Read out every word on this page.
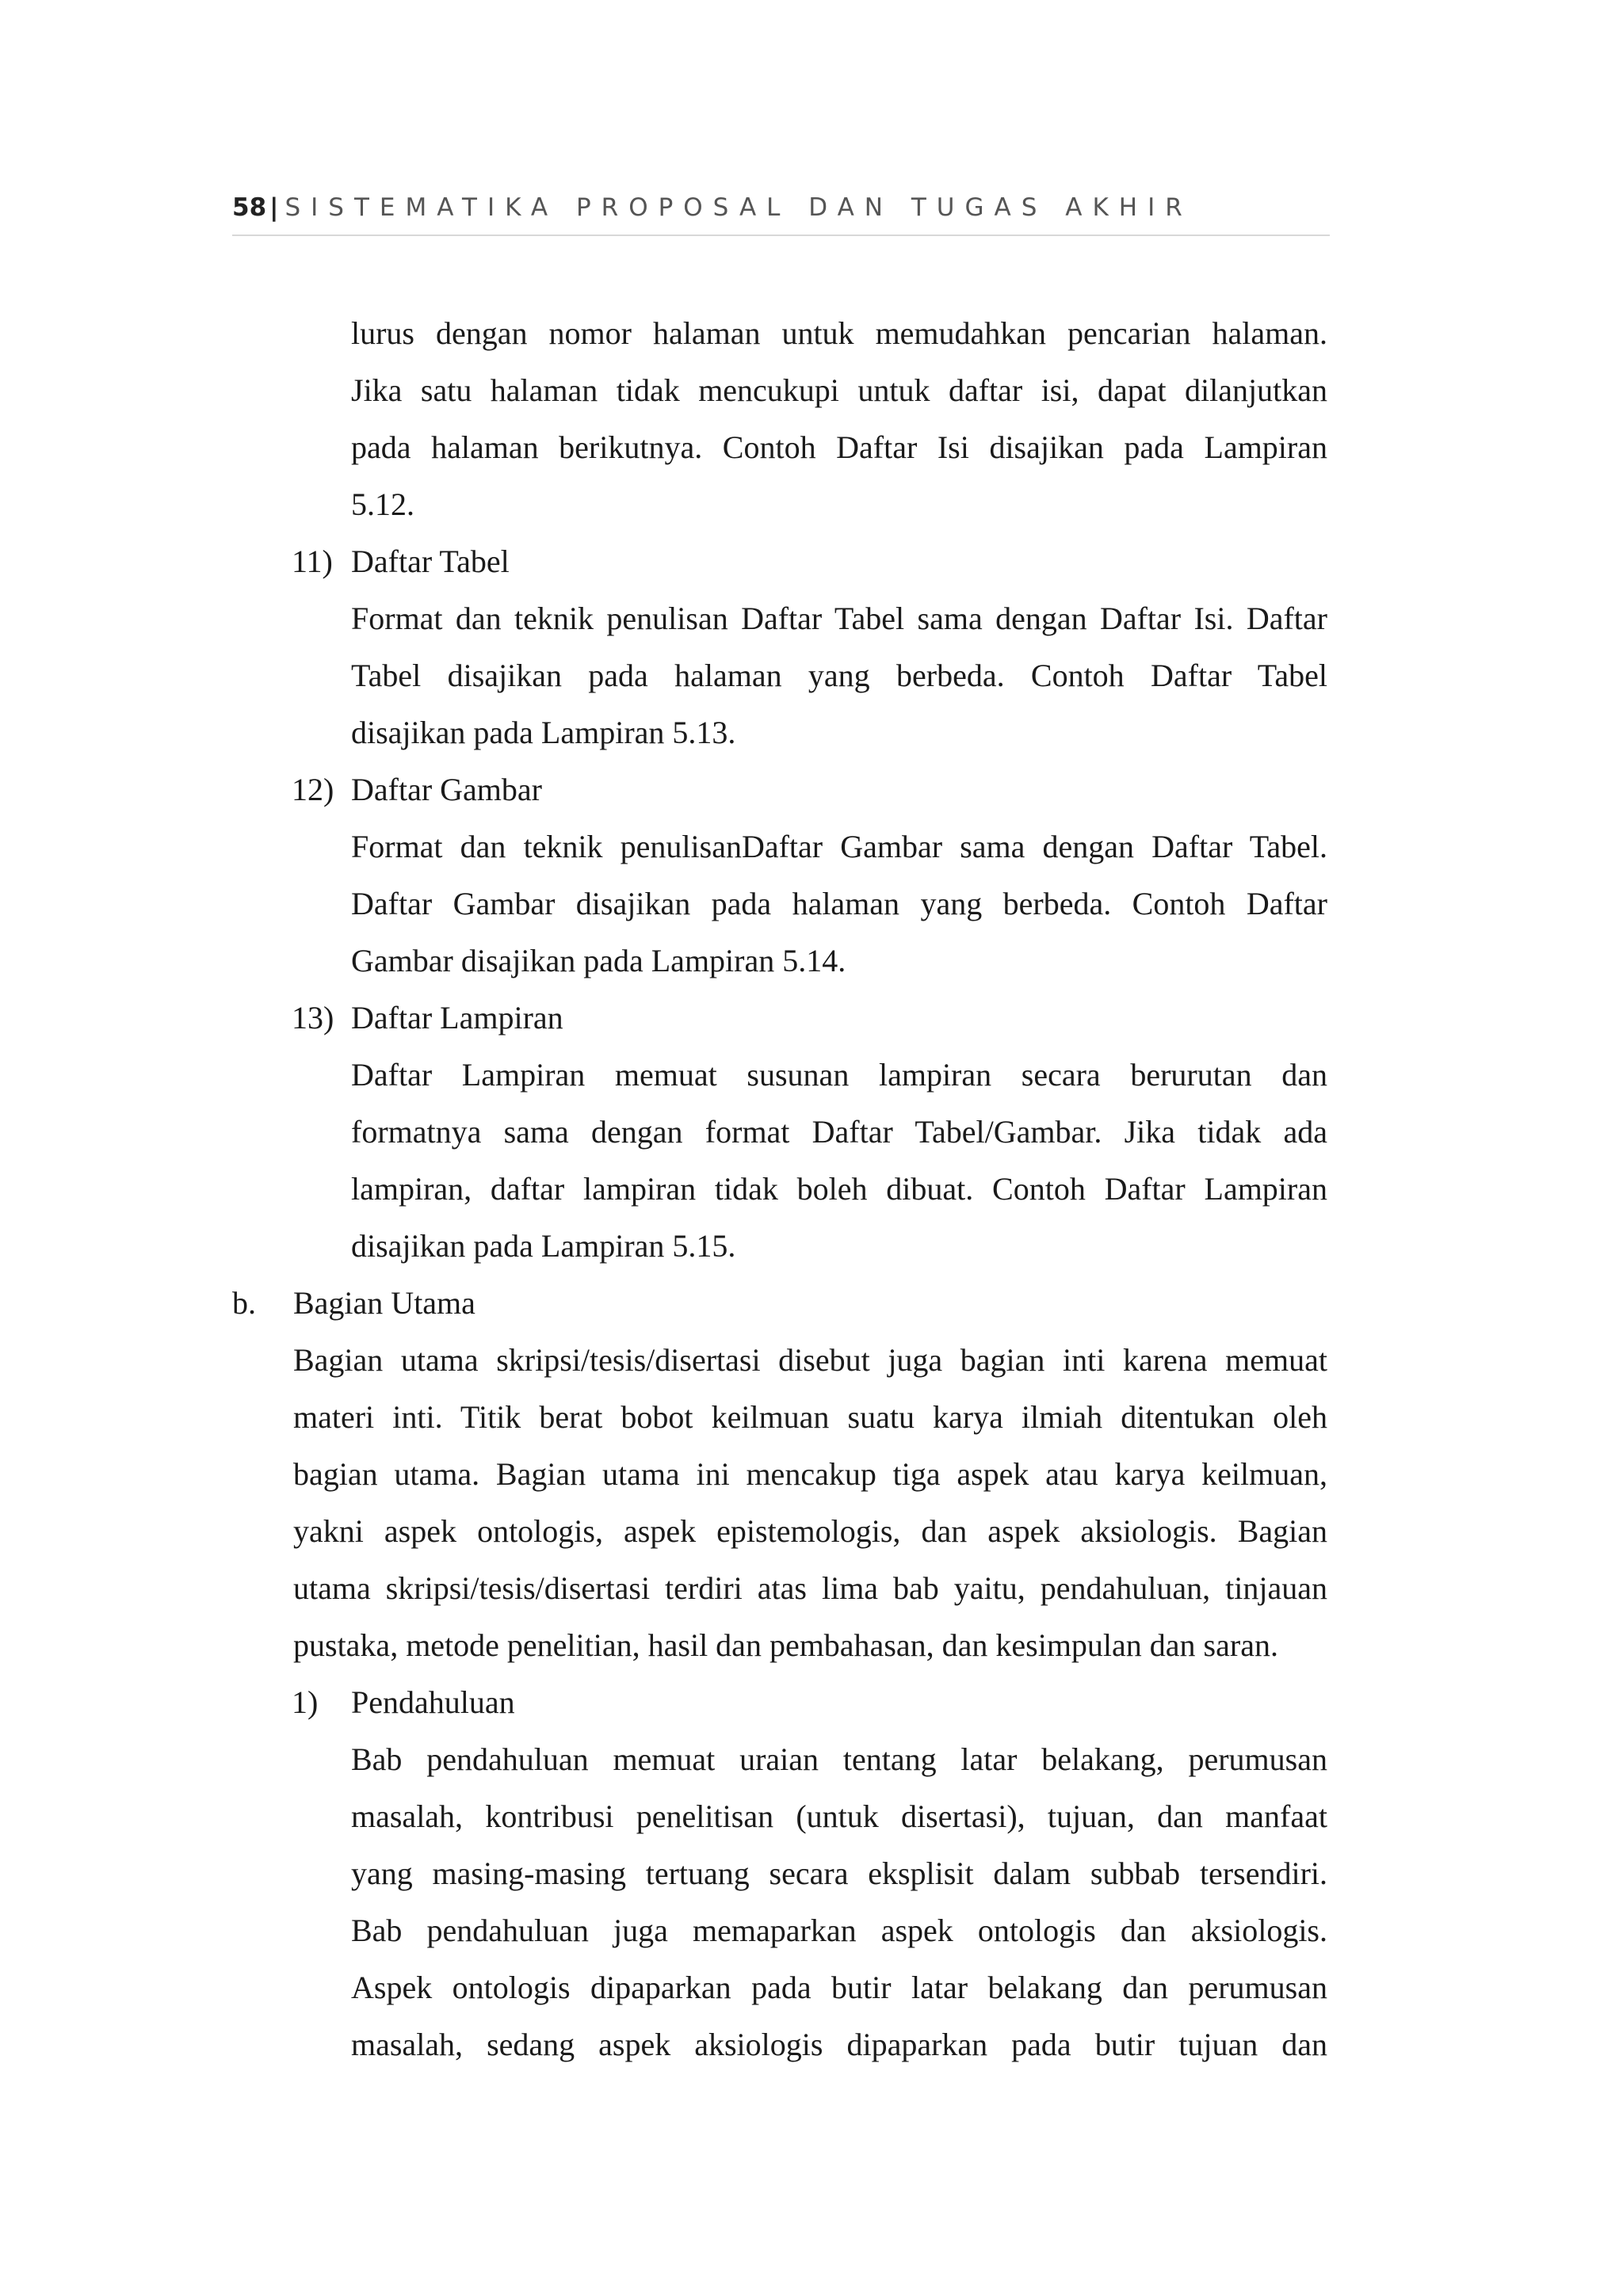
58 | SISTEMATIKA PROPOSAL DAN TUGAS AKHIR
lurus dengan nomor halaman untuk memudahkan pencarian halaman.
Jika satu halaman tidak mencukupi untuk daftar isi, dapat dilanjutkan
pada halaman berikutnya. Contoh Daftar Isi disajikan pada Lampiran
5.12.
11) Daftar Tabel
Format dan teknik penulisan Daftar Tabel sama dengan Daftar Isi. Daftar
Tabel disajikan pada halaman yang berbeda. Contoh Daftar Tabel
disajikan pada Lampiran 5.13.
12) Daftar Gambar
Format dan teknik penulisanDaftar Gambar sama dengan Daftar Tabel.
Daftar Gambar disajikan pada halaman yang berbeda. Contoh Daftar
Gambar disajikan pada Lampiran 5.14.
13) Daftar Lampiran
Daftar Lampiran memuat susunan lampiran secara berurutan dan
formatnya sama dengan format Daftar Tabel/Gambar. Jika tidak ada
lampiran, daftar lampiran tidak boleh dibuat. Contoh Daftar Lampiran
disajikan pada Lampiran 5.15.
b. Bagian Utama
Bagian utama skripsi/tesis/disertasi disebut juga bagian inti karena memuat
materi inti. Titik berat bobot keilmuan suatu karya ilmiah ditentukan oleh
bagian utama. Bagian utama ini mencakup tiga aspek atau karya keilmuan,
yakni aspek ontologis, aspek epistemologis, dan aspek aksiologis. Bagian
utama skripsi/tesis/disertasi terdiri atas lima bab yaitu, pendahuluan, tinjauan
pustaka, metode penelitian, hasil dan pembahasan, dan kesimpulan dan saran.
1) Pendahuluan
Bab pendahuluan memuat uraian tentang latar belakang, perumusan
masalah, kontribusi penelitisan (untuk disertasi), tujuan, dan manfaat
yang masing-masing tertuang secara eksplisit dalam subbab tersendiri.
Bab pendahuluan juga memaparkan aspek ontologis dan aksiologis.
Aspek ontologis dipaparkan pada butir latar belakang dan perumusan
masalah, sedang aspek aksiologis dipaparkan pada butir tujuan dan
